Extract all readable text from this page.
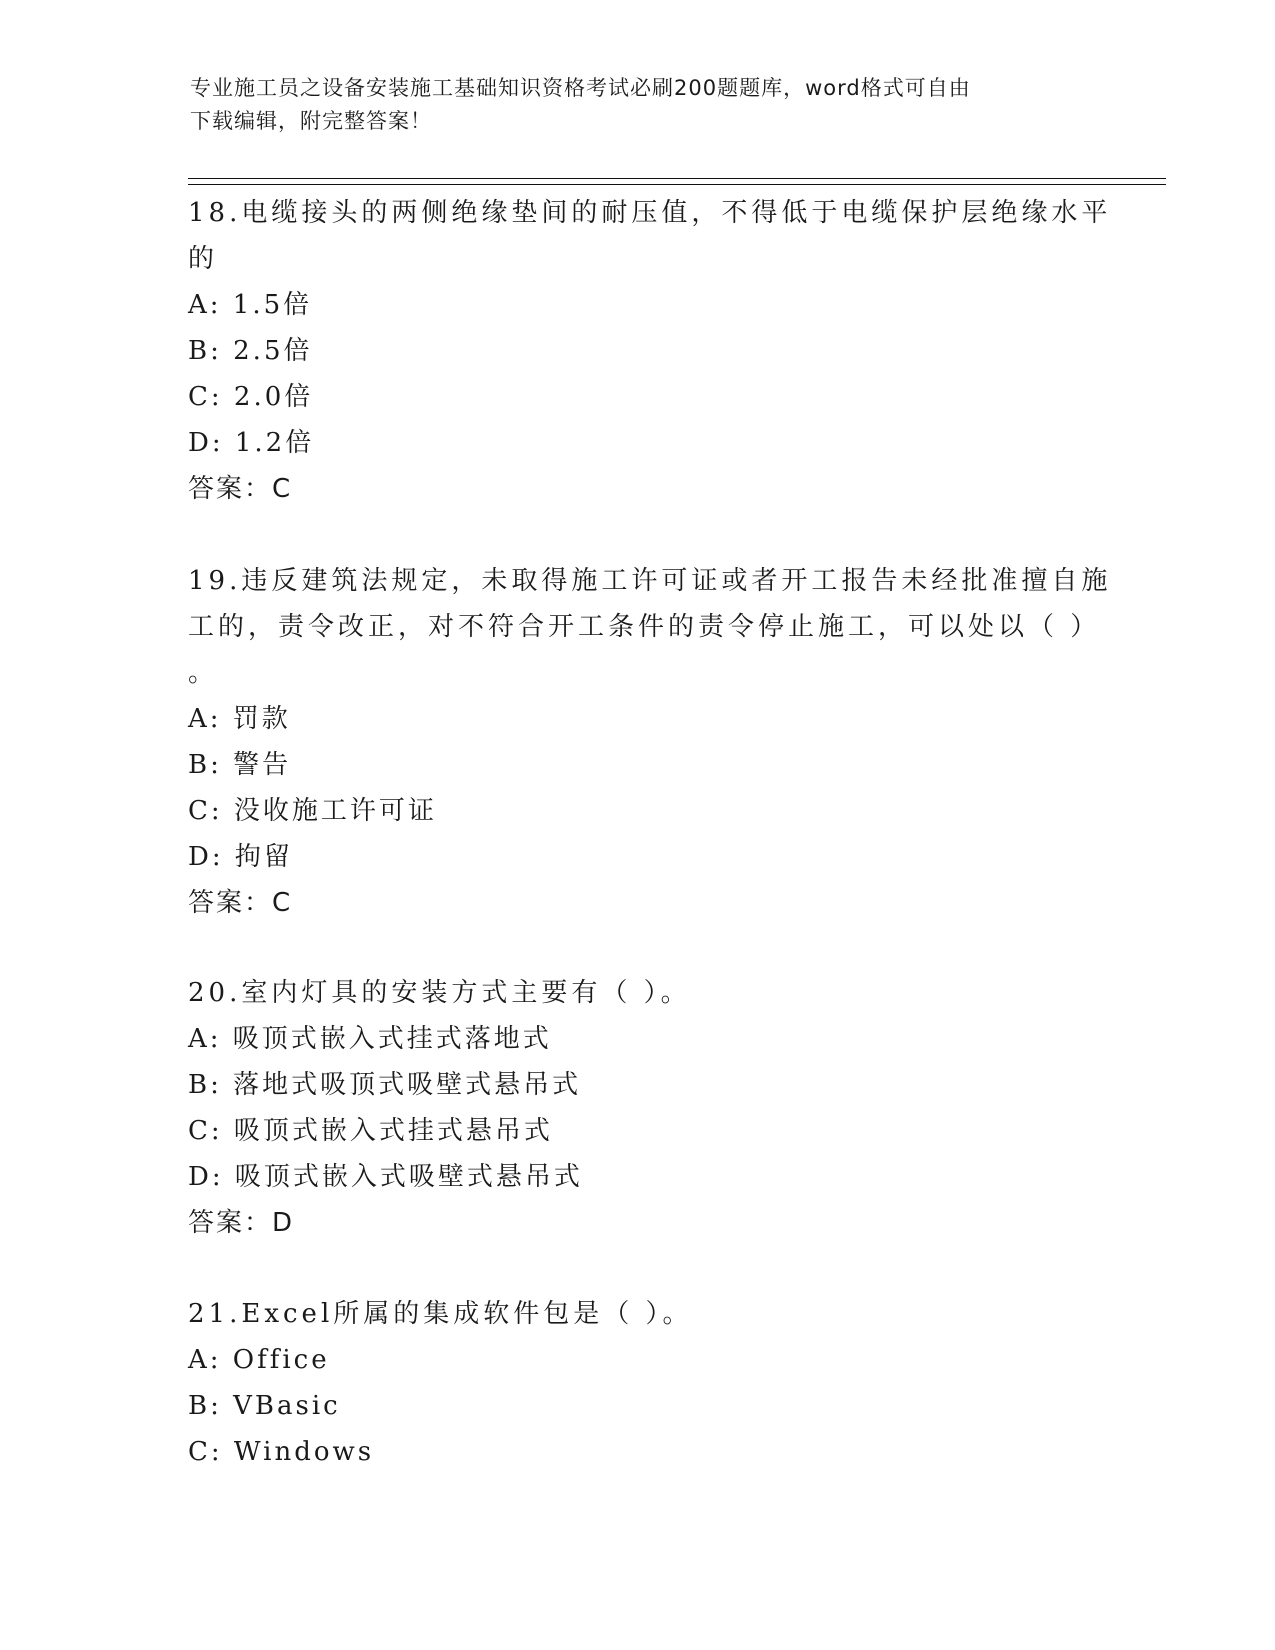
专业施工员之设备安装施工基础知识资格考试必刷200题题库，word格式可自由
下载编辑，附完整答案！
18.电缆接头的两侧绝缘垫间的耐压值，不得低于电缆保护层绝缘水平
的
A: 1.5倍
B: 2.5倍
C: 2.0倍
D: 1.2倍
答案：C
19.违反建筑法规定，未取得施工许可证或者开工报告未经批准擅自施
工的，责令改正，对不符合开工条件的责令停止施工，可以处以（ ）
。
A: 罚款
B: 警告
C: 没收施工许可证
D: 拘留
答案：C
20.室内灯具的安装方式主要有（ ）。
A: 吸顶式嵌入式挂式落地式
B: 落地式吸顶式吸壁式悬吊式
C: 吸顶式嵌入式挂式悬吊式
D: 吸顶式嵌入式吸壁式悬吊式
答案：D
21.Excel所属的集成软件包是（ ）。
A: Office
B: VBasic
C: Windows
